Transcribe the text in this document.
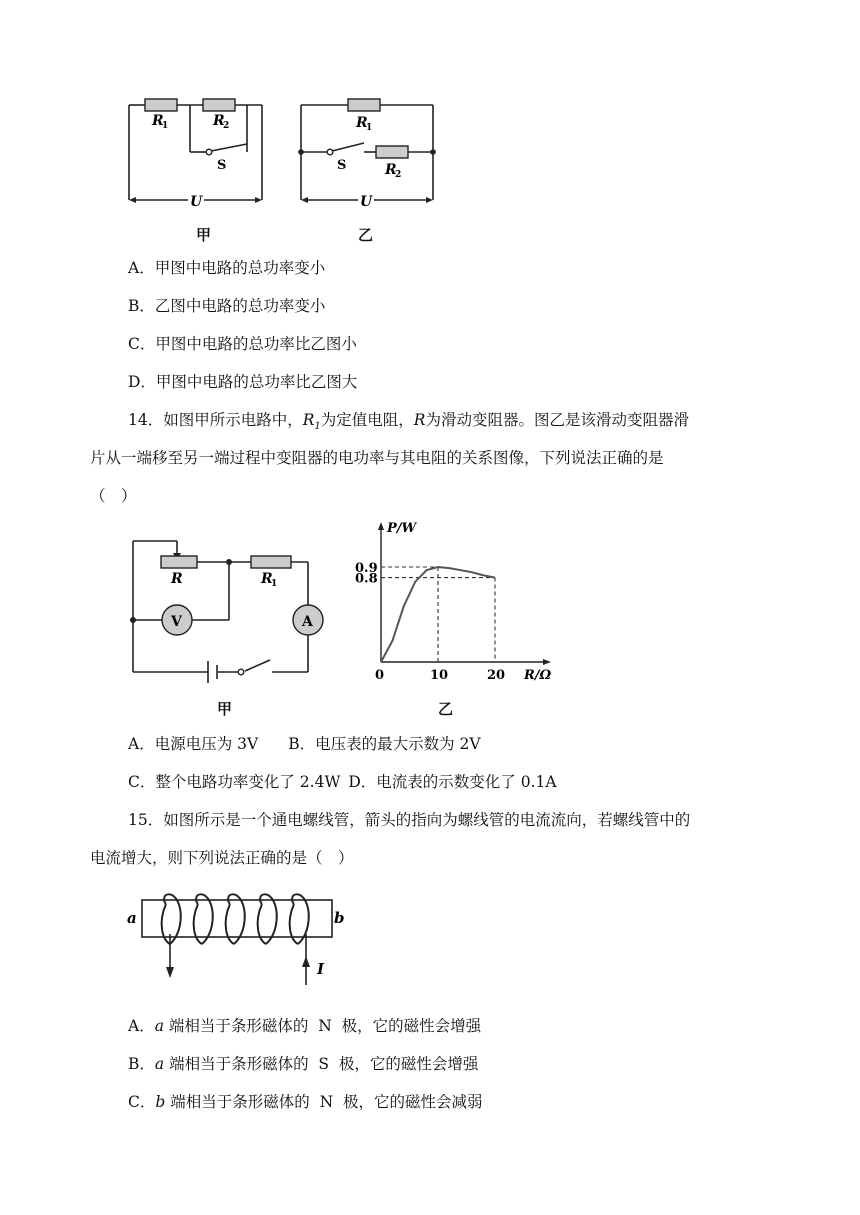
R
1	R
2
S
U
甲
R
1
S	R
2
U
乙
A．甲图中电路的总功率变小
B．乙图中电路的总功率变小
C．甲图中电路的总功率比乙图小
D．甲图中电路的总功率比乙图大
14．如图甲所示电路中，$R_1$为定值电阻，R为滑动变阻器。图乙是该滑动变阻器滑
片从一端移至另一端过程中变阻器的电功率与其电阻的关系图像，下列说法正确的是
（　）
V	A
R	R
1
甲
0	10	20
0.9
0.8
P/W
R/Ω
乙
A．电源电压为 3V B．电压表的最大示数为 2V
C．整个电路功率变化了 2.4W D．电流表的示数变化了 0.1A
15．如图所示是一个通电螺线管，箭头的指向为螺线管的电流流向，若螺线管中的
电流增大，则下列说法正确的是（　）
a	b
I
A．a 端相当于条形磁体的  N  极，它的磁性会增强
B．a 端相当于条形磁体的  S  极，它的磁性会增强
C．b 端相当于条形磁体的  N  极，它的磁性会减弱
